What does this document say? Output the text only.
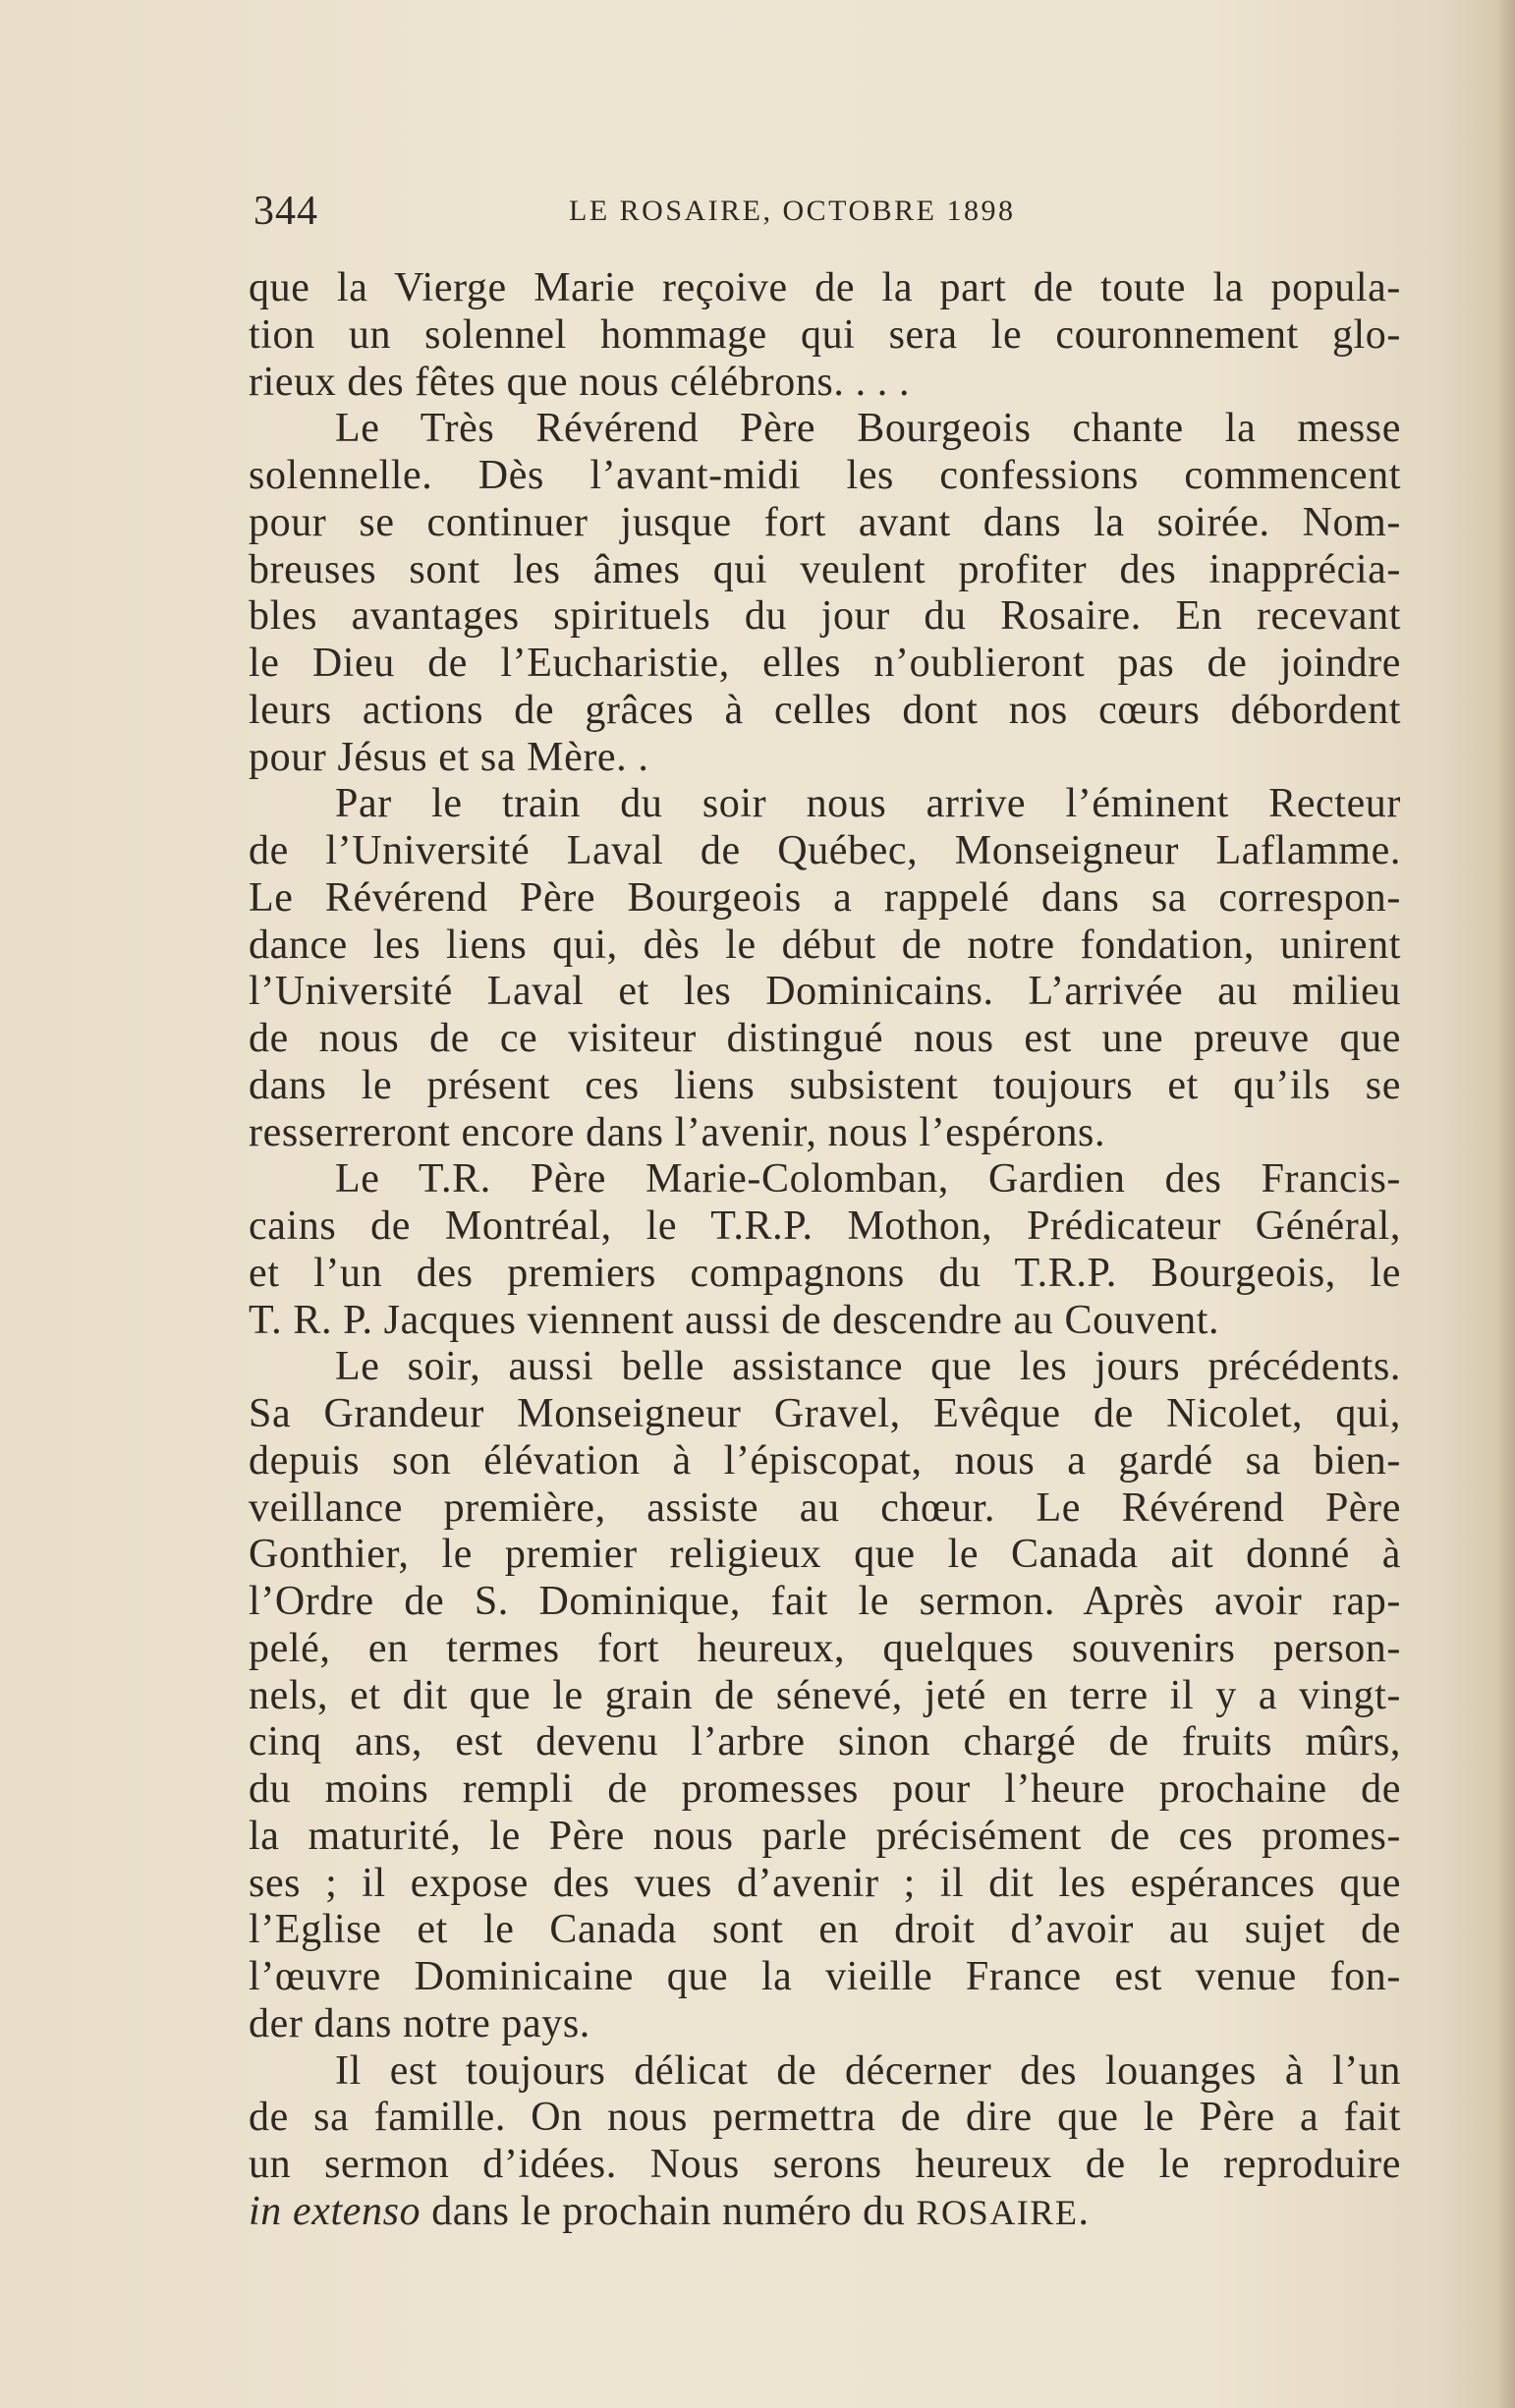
344	LE ROSAIRE, OCTOBRE 1898
que la Vierge Marie reçoive de la part de toute la popula-
tion un solennel hommage qui sera le couronnement glo-
rieux des fêtes que nous célébrons. . . .
Le Très Révérend Père Bourgeois chante la messe
solennelle. Dès l’avant-midi les confessions commencent
pour se continuer jusque fort avant dans la soirée. Nom-
breuses sont les âmes qui veulent profiter des inapprécia-
bles avantages spirituels du jour du Rosaire. En recevant
le Dieu de l’Eucharistie, elles n’oublieront pas de joindre
leurs actions de grâces à celles dont nos cœurs débordent
pour Jésus et sa Mère. .
Par le train du soir nous arrive l’éminent Recteur
de l’Université Laval de Québec, Monseigneur Laflamme.
Le Révérend Père Bourgeois a rappelé dans sa correspon-
dance les liens qui, dès le début de notre fondation, unirent
l’Université Laval et les Dominicains. L’arrivée au milieu
de nous de ce visiteur distingué nous est une preuve que
dans le présent ces liens subsistent toujours et qu’ils se
resserreront encore dans l’avenir, nous l’espérons.
Le T.R. Père Marie-Colomban, Gardien des Francis-
cains de Montréal, le T.R.P. Mothon, Prédicateur Général,
et l’un des premiers compagnons du T.R.P. Bourgeois, le
T. R. P. Jacques viennent aussi de descendre au Couvent.
Le soir, aussi belle assistance que les jours précédents.
Sa Grandeur Monseigneur Gravel, Evêque de Nicolet, qui,
depuis son élévation à l’épiscopat, nous a gardé sa bien-
veillance première, assiste au chœur. Le Révérend Père
Gonthier, le premier religieux que le Canada ait donné à
l’Ordre de S. Dominique, fait le sermon. Après avoir rap-
pelé, en termes fort heureux, quelques souvenirs person-
nels, et dit que le grain de sénevé, jeté en terre il y a vingt-
cinq ans, est devenu l’arbre sinon chargé de fruits mûrs,
du moins rempli de promesses pour l’heure prochaine de
la maturité, le Père nous parle précisément de ces promes-
ses ; il expose des vues d’avenir ; il dit les espérances que
l’Eglise et le Canada sont en droit d’avoir au sujet de
l’œuvre Dominicaine que la vieille France est venue fon-
der dans notre pays.
Il est toujours délicat de décerner des louanges à l’un
de sa famille. On nous permettra de dire que le Père a fait
un sermon d’idées. Nous serons heureux de le reproduire
in extenso dans le prochain numéro du ROSAIRE.
